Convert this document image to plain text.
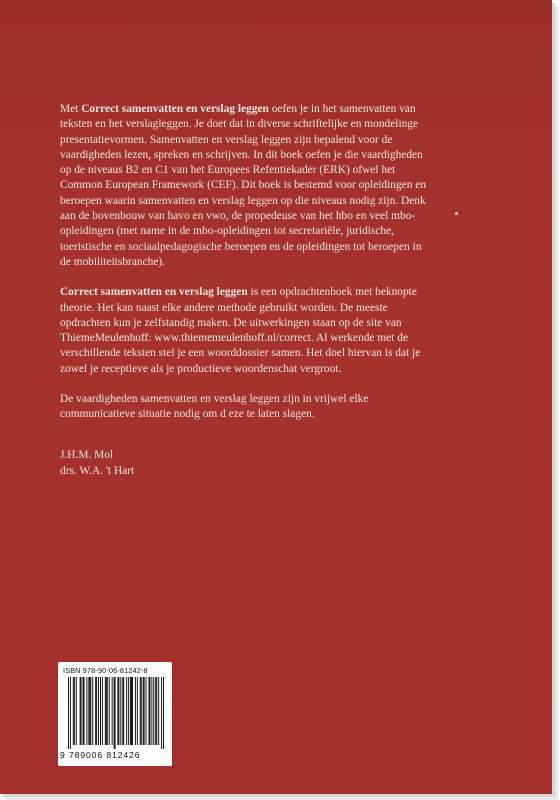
Met Correct samenvatten en verslag leggen oefen je in het samenvatten van teksten en het verslagleggen. Je doet dat in diverse schriftelijke en mondelinge presentatievormen. Samenvatten en verslag leggen zijn bepalend voor de vaardigheden lezen, spreken en schrijven. In dit boek oefen je die vaardigheden op de niveaus B2 en C1 van het Europees Refentiekader (ERK) ofwel het Common European Framework (CEF). Dit boek is bestemd voor opleidingen en beroepen waarin samenvatten en verslag leggen op die niveaus nodig zijn. Denk aan de bovenbouw van havo en vwo, de propedeuse van het hbo en veel mbo-opleidingen (met name in de mbo-opleidingen tot secretariële, juridische, toeristische en sociaalpedagogische beroepen en de opleidingen tot beroepen in de mobiliteitsbranche).

Correct samenvatten en verslag leggen is een opdrachtenboek met beknopte theorie. Het kan naast elke andere methode gebruikt worden. De meeste opdrachten kun je zelfstandig maken. De uitwerkingen staan op de site van ThiemeMeulenhoff: www.thiememeulenhoff.nl/correct. Al werkende met de verschillende teksten stel je een woorddossier samen. Het doel hiervan is dat je zowel je receptieve als je productieve woordenschat vergroot.

De vaardigheden samenvatten en verslag leggen zijn in vrijwel elke communicatieve situatie nodig om d eze te laten slagen.

J.H.M. Mol
drs. W.A. 't Hart
ISBN 978-90-06-81242-8
9 789006 812426
